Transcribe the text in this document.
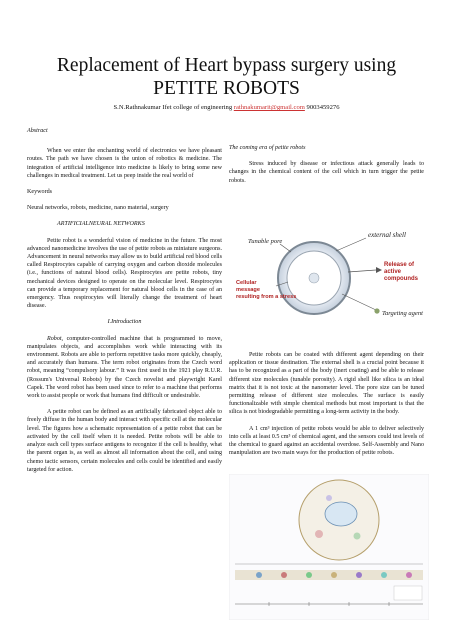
Replacement of Heart bypass surgery using
PETITE ROBOTS
S.N.Rathnakumar Ifet college of engineering rathnakumarit@gmail.com 9003459276

Abstract

When we enter the enchanting world of electronics we have pleasant routes. The path we have chosen is the union of robotics & medicine. The integration of artificial intelligence into medicine is likely to bring some new challenges in medical treatment. Let us peep inside the real world of

Keywords

Neural networks, robots, medicine, nano material, surgery

ARTIFICIALNEURAL NETWORKS

Petite robot is a wonderful vision of medicine in the future. The most advanced nanomedicine involves the use of petite robots as miniature surgeons. Advancement in neural networks may allow us to build artificial red blood cells called Respirocytes capable of carrying oxygen and carbon dioxide molecules (i.e., functions of natural blood cells). Respirocytes are petite robots, tiny mechanical devices designed to operate on the molecular level. Respirocytes can provide a temporary replacement for natural blood cells in the case of an emergency. Thus respirocytes will literally change the treatment of heart disease.

I.Introduction

Robot, computer-controlled machine that is programmed to move, manipulates objects, and accomplishes work while interacting with its environment. Robots are able to perform repetitive tasks more quickly, cheaply, and accurately than humans. The term robot originates from the Czech word robot, meaning “compulsory labour.” It was first used in the 1921 play R.U.R. (Rossum's Universal Robots) by the Czech novelist and playwright Karel Capek. The word robot has been used since to refer to a machine that performs work to assist people or work that humans find difficult or undesirable.

A petite robot can be defined as an artificially fabricated object able to freely diffuse in the human body and interact with specific cell at the molecular level. The figures how a schematic representation of a petite robot that can be activated by the cell itself when it is needed. Petite robots will be able to analyze each cell types surface antigens to recognize if the cell is healthy, what the parent organ is, as well as almost all information about the cell, and using chemo tactic sensors, certain molecules and cells could be identified and easily targeted for action.

The coming era of petite robots

Stress induced by disease or infectious attack generally leads to changes in the chemical content of the cell which in turn trigger the petite robots.

external shell
Tunable pore
Release of active compounds
Targeting agent
Cellular message resulting from a stress

Petite robots can be coated with different agent depending on their application or tissue destination. The external shell is a crucial point because it has to be recognized as a part of the body (inert coating) and be able to release different size molecules (tunable porosity). A rigid shell like silica is an ideal matrix that it is not toxic at the nanometer level. The pore size can be tuned permitting release of different size molecules. The surface is easily functionalizable with simple chemical methods but most important is that the silica is not biodegradable permitting a long-term activity in the body.

A 1 cm³ injection of petite robots would be able to deliver selectively into cells at least 0.5 cm³ of chemical agent, and the sensors could test levels of the chemical to guard against an accidental overdose. Self-Assembly and Nano manipulation are two main ways for the production of petite robots.
